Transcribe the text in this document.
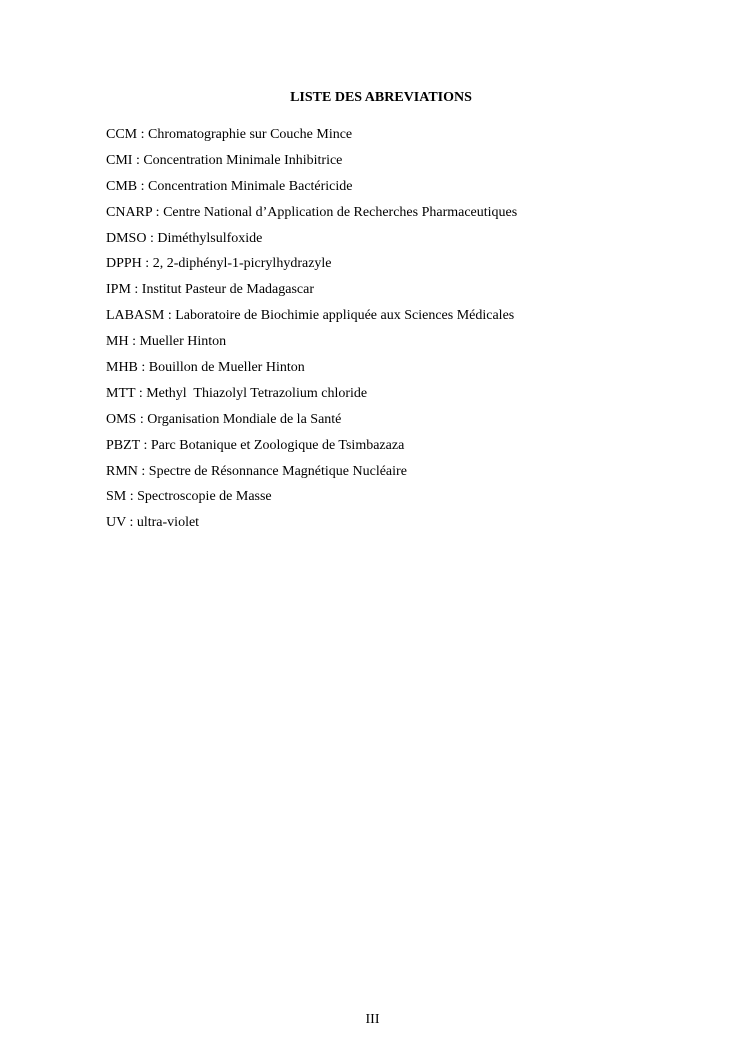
LISTE DES ABREVIATIONS
CCM : Chromatographie sur Couche Mince
CMI : Concentration Minimale Inhibitrice
CMB : Concentration Minimale Bactéricide
CNARP : Centre National d’Application de Recherches Pharmaceutiques
DMSO : Diméthylsulfoxide
DPPH : 2, 2-diphényl-1-picrylhydrazyle
IPM : Institut Pasteur de Madagascar
LABASM : Laboratoire de Biochimie appliquée aux Sciences Médicales
MH : Mueller Hinton
MHB : Bouillon de Mueller Hinton
MTT : Methyl  Thiazolyl Tetrazolium chloride
OMS : Organisation Mondiale de la Santé
PBZT : Parc Botanique et Zoologique de Tsimbazaza
RMN : Spectre de Résonnance Magnétique Nucléaire
SM : Spectroscopie de Masse
UV : ultra-violet
III
